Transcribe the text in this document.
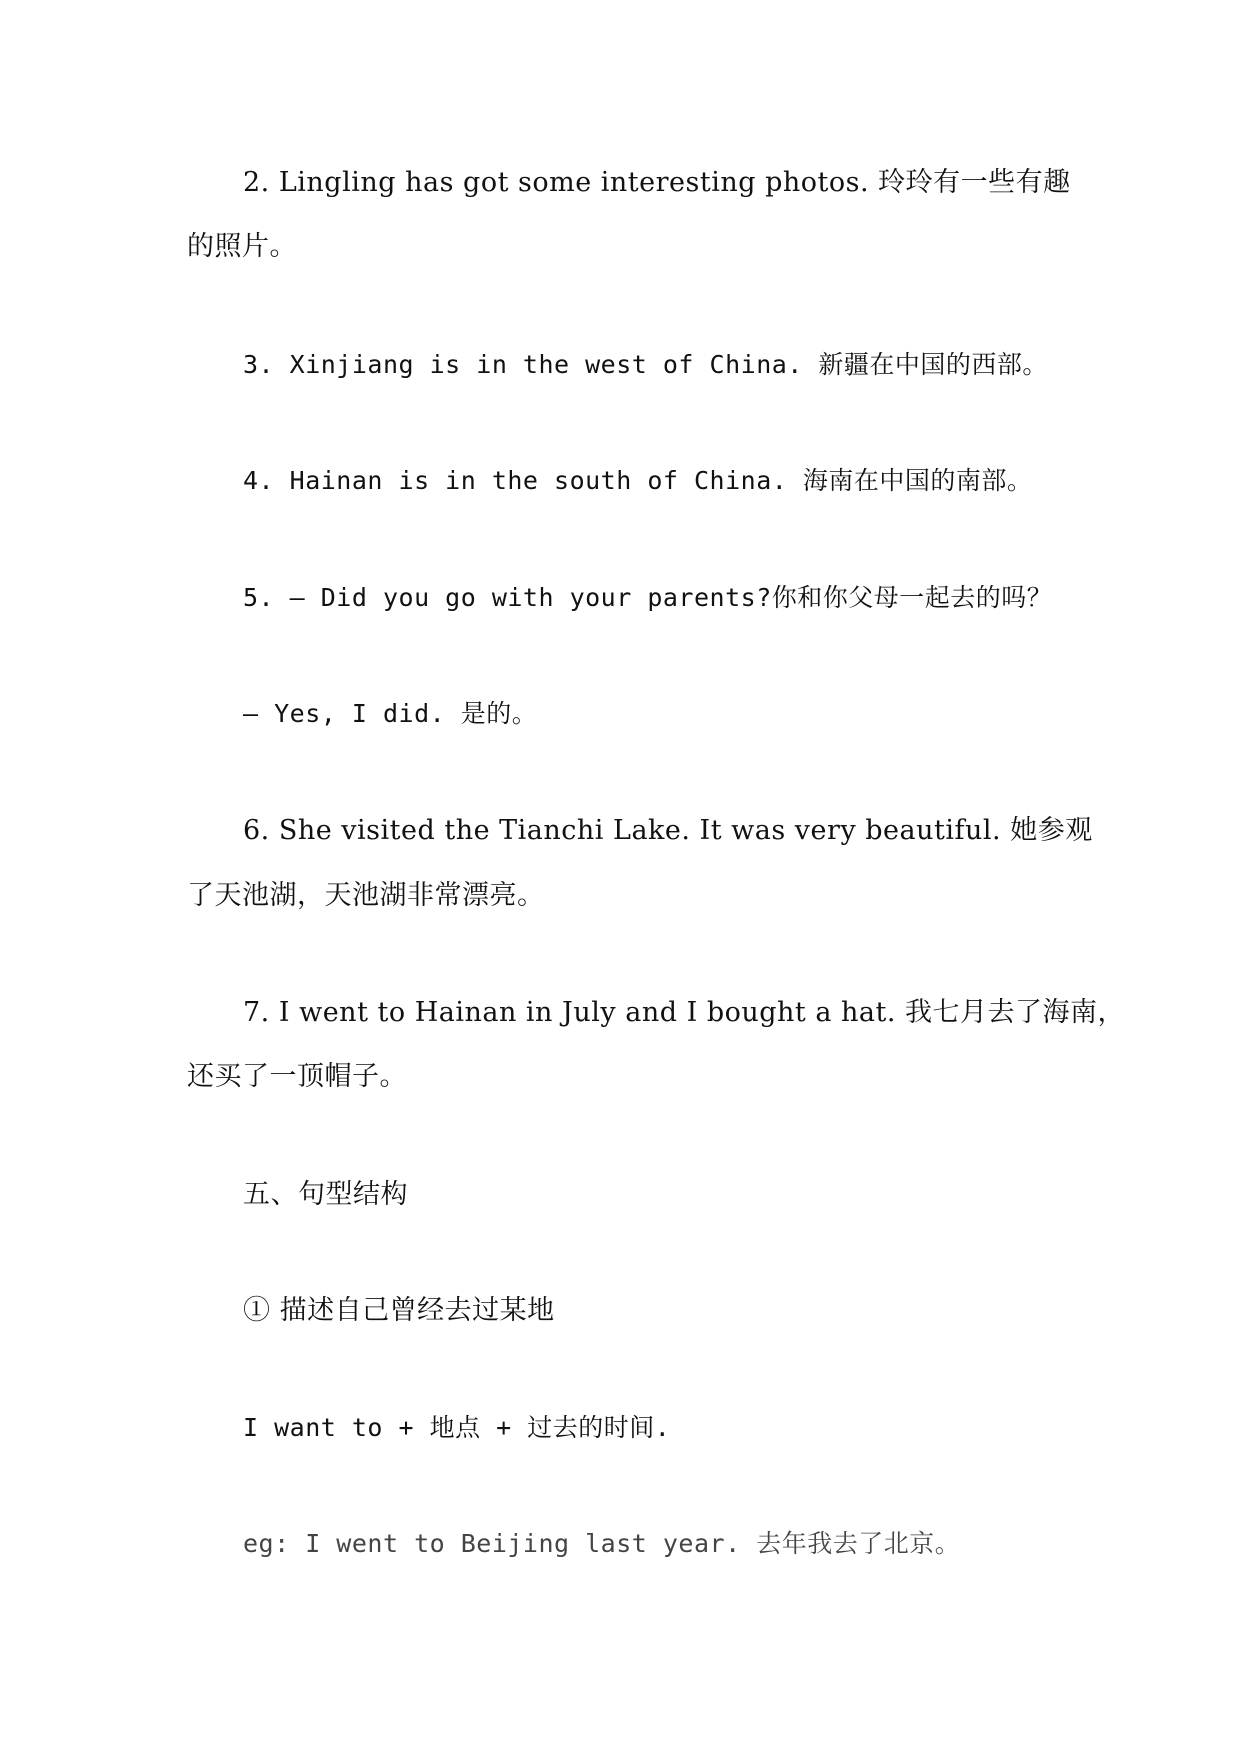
2. Lingling has got some interesting photos. 玲玲有一些有趣
的照片。
3. Xinjiang is in the west of China. 新疆在中国的西部。
4. Hainan is in the south of China. 海南在中国的南部。
5. — Did you go with your parents?你和你父母一起去的吗？
— Yes, I did. 是的。
6. She visited the Tianchi Lake. It was very beautiful. 她参观
了天池湖，天池湖非常漂亮。
7. I went to Hainan in July and I bought a hat. 我七月去了海南，
还买了一顶帽子。
五、句型结构
① 描述自己曾经去过某地
I want to + 地点 + 过去的时间.
eg: I went to Beijing last year. 去年我去了北京。
